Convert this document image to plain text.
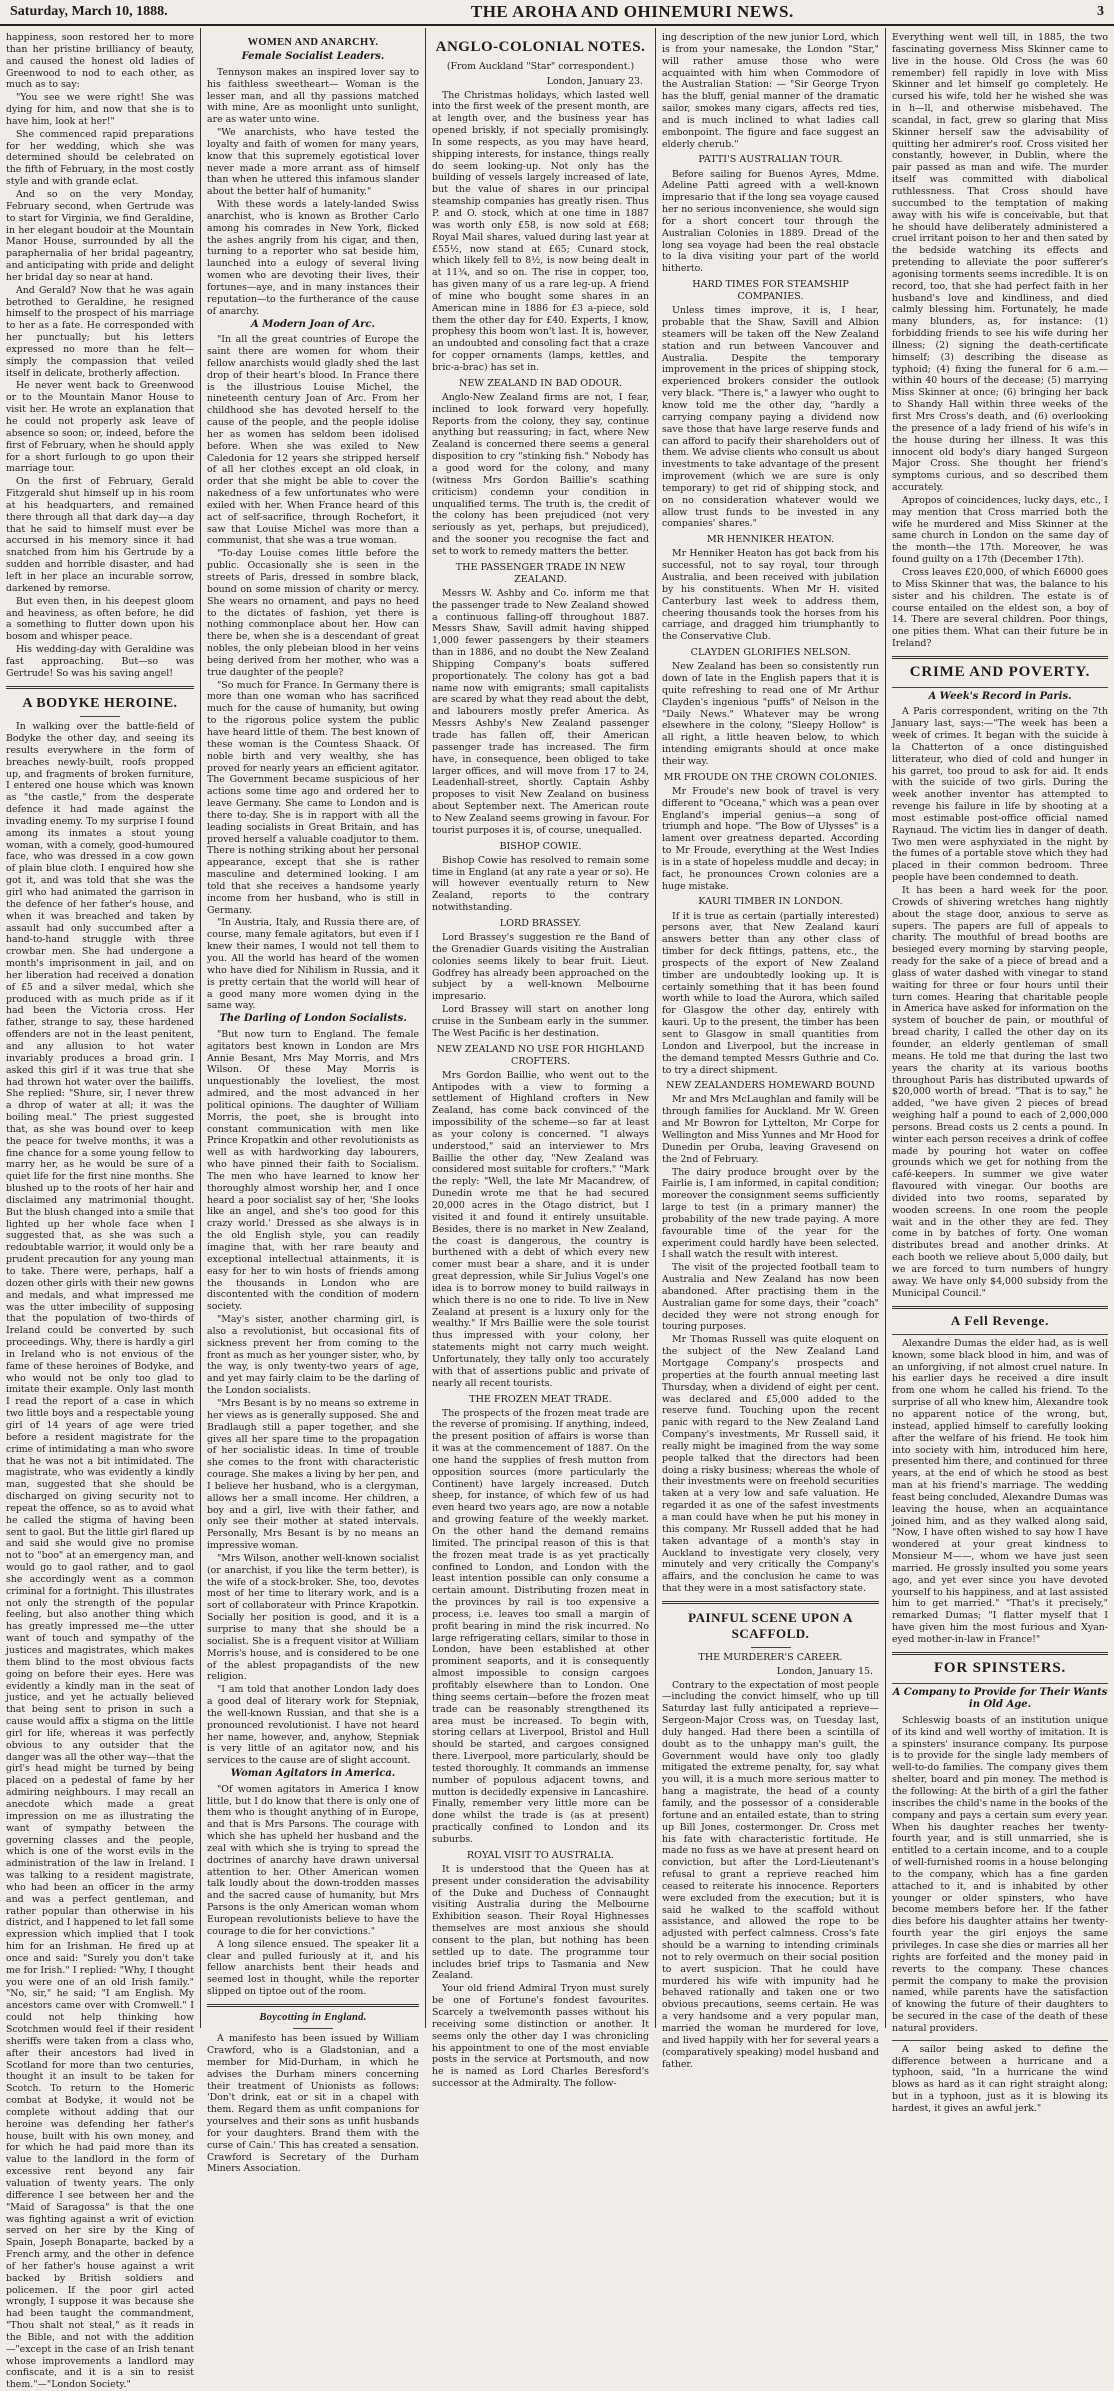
Saturday, March 10, 1888.	THE AROHA AND OHINEMURI NEWS.	3

happiness, soon restored her to more than her pristine brilliancy of beauty, and caused the honest old ladies of Greenwood to nod to each other, as much as to say:

"You see we were right! She was dying for him, and now that she is to have him, look at her!"

She commenced rapid preparations for her wedding, which she was determined should be celebrated on the fifth of February, in the most costly style and with grande eclat.

And so on the very Monday, February second, when Gertrude was to start for Virginia, we find Geraldine, in her elegant boudoir at the Mountain Manor House, surrounded by all the paraphernalia of her bridal pageantry, and anticipating with pride and delight her bridal day so near at hand.

And Gerald? Now that he was again betrothed to Geraldine, he resigned himself to the prospect of his marriage to her as a fate. He corresponded with her punctually; but his letters expressed no more than he felt—simply the compassion that veiled itself in delicate, brotherly affection.

He never went back to Greenwood or to the Mountain Manor House to visit her. He wrote an explanation that he could not properly ask leave of absence so soon; or, indeed, before the first of February, when he should apply for a short furlough to go upon their marriage tour.

On the first of February, Gerald Fitzgerald shut himself up in his room at his headquarters, and remained there through all that dark day—a day that he said to himself must ever be accursed in his memory since it had snatched from him his Gertrude by a sudden and horrible disaster, and had left in her place an incurable sorrow, darkened by remorse.

But even then, in his deepest gloom and heaviness, as often before, he did a something to flutter down upon his bosom and whisper peace.

His wedding-day with Geraldine was fast approaching. But—so was Gertrude! So was his saving angel!

A BODYKE HEROINE.

In walking over the battle-field of Bodyke the other day, and seeing its results everywhere in the form of breaches newly-built, roofs propped up, and fragments of broken furniture, I entered one house which was known as "the castle," from the desperate defence it had made against the invading enemy. To my surprise I found among its inmates a stout young woman, with a comely, good-humoured face, who was dressed in a cow gown of plain blue cloth. I enquired how she got it, and was told that she was the girl who had animated the garrison in the defence of her father's house, and when it was breached and taken by assault had only succumbed after a hand-to-hand struggle with three crowbar men. She had undergone a month's imprisonment in jail, and on her liberation had received a donation of £5 and a silver medal, which she produced with as much pride as if it had been the Victoria cross. Her father, strange to say, these hardened offenders are not in the least penitent, and any allusion to hot water invariably produces a broad grin. I asked this girl if it was true that she had thrown hot water over the bailiffs. She replied: "Shure, sir, I never threw a dhrop of water at all; it was the boiling meal." The priest suggested that, as she was bound over to keep the peace for twelve months, it was a fine chance for a some young fellow to marry her, as he would be sure of a quiet life for the first nine months. She blushed up to the roots of her hair and disclaimed any matrimonial thought. But the blush changed into a smile that lighted up her whole face when I suggested that, as she was such a redoubtable warrior, it would only be a prudent precaution for any young man to take. There were, perhaps, half a dozen other girls with their new gowns and medals, and what impressed me was the utter imbecility of supposing that the population of two-thirds of Ireland could be converted by such proceedings. Why, there is hardly a girl in Ireland who is not envious of the fame of these heroines of Bodyke, and who would not be only too glad to imitate their example. Only last month I read the report of a case in which two little boys and a respectable young girl of 14 years of age were tried before a resident magistrate for the crime of intimidating a man who swore that he was not a bit intimidated. The magistrate, who was evidently a kindly man, suggested that she should be discharged on giving security not to repeat the offence, so as to avoid what he called the stigma of having been sent to gaol. But the little girl flared up and said she would give no promise not to "boo" at an emergency man, and would go to gaol rather, and to gaol she accordingly went as a common criminal for a fortnight. This illustrates not only the strength of the popular feeling, but also another thing which has greatly impressed me—the utter want of touch and sympathy of the justices and magistrates, which makes them blind to the most obvious facts going on before their eyes. Here was evidently a kindly man in the seat of justice, and yet he actually believed that being sent to prison in such a cause would affix a stigma on the little girl for life, whereas it was perfectly obvious to any outsider that the danger was all the other way—that the girl's head might be turned by being placed on a pedestal of fame by her admiring neighbours. I may recall an anecdote which made a great impression on me as illustrating the want of sympathy between the governing classes and the people, which is one of the worst evils in the administration of the law in Ireland. I was talking to a resident magistrate, who had been an officer in the army and was a perfect gentleman, and rather popular than otherwise in his district, and I happened to let fall some expression which implied that I took him for an Irishman. He fired up at once and said: "Surely you don't take me for Irish." I replied: "Why, I thought you were one of an old Irish family." "No, sir," he said; "I am English. My ancestors came over with Cromwell." I could not help thinking how Scotchmen would feel if their resident sheriffs were taken from a class who, after their ancestors had lived in Scotland for more than two centuries, thought it an insult to be taken for Scotch. To return to the Homeric combat at Bodyke, it would not be complete without adding that our heroine was defending her father's house, built with his own money, and for which he had paid more than its value to the landlord in the form of excessive rent beyond any fair valuation of twenty years. The only difference I see between her and the "Maid of Saragossa" is that the one was fighting against a writ of eviction served on her sire by the King of Spain, Joseph Bonaparte, backed by a French army, and the other in defence of her father's house against a writ backed by British soldiers and policemen. If the poor girl acted wrongly, I suppose it was because she had been taught the commandment, "Thou shalt not steal," as it reads in the Bible, and not with the addition—"except in the case of an Irish tenant whose improvements a landlord may confiscate, and it is a sin to resist them."—"London Society."

WOMEN AND ANARCHY.
Female Socialist Leaders.

Tennyson makes an inspired lover say to his faithless sweetheart— Woman is the lesser man, and all thy passions matched with mine, Are as moonlight unto sunlight, are as water unto wine.

"We anarchists, who have tested the loyalty and faith of women for many years, know that this supremely egotistical lover never made a more arrant ass of himself than when he uttered this infamous slander about the better half of humanity."

With these words a lately-landed Swiss anarchist, who is known as Brother Carlo among his comrades in New York, flicked the ashes angrily from his cigar, and then, turning to a reporter who sat beside him, launched into a eulogy of several living women who are devoting their lives, their fortunes—aye, and in many instances their reputation—to the furtherance of the cause of anarchy.

A Modern Joan of Arc.

"In all the great countries of Europe the saint there are women for whom their fellow anarchists would gladly shed the last drop of their heart's blood. In France there is the illustrious Louise Michel, the nineteenth century Joan of Arc. From her childhood she has devoted herself to the cause of the people, and the people idolise her as women has seldom been idolised before. When she was exiled to New Caledonia for 12 years she stripped herself of all her clothes except an old cloak, in order that she might be able to cover the nakedness of a few unfortunates who were exiled with her. When France heard of this act of self-sacrifice, through Rochefort, it saw that Louise Michel was more than a communist, that she was a true woman.

"To-day Louise comes little before the public. Occasionally she is seen in the streets of Paris, dressed in sombre black, bound on some mission of charity or mercy. She wears no ornament, and pays no heed to the dictates of fashion, yet there is nothing commonplace about her. How can there be, when she is a descendant of great nobles, the only plebeian blood in her veins being derived from her mother, who was a true daughter of the people?

"So much for France. In Germany there is more than one woman who has sacrificed much for the cause of humanity, but owing to the rigorous police system the public have heard little of them. The best known of these woman is the Countess Shaack. Of noble birth and very wealthy, she has proved for nearly years an efficient agitator. The Government became suspicious of her actions some time ago and ordered her to leave Germany. She came to London and is there to-day. She is in rapport with all the leading socialists in Great Britain, and has proved herself a valuable coadjutor to them. There is nothing striking about her personal appearance, except that she is rather masculine and determined looking. I am told that she receives a handsome yearly income from her husband, who is still in Germany.

"In Austria, Italy, and Russia there are, of course, many female agitators, but even if I knew their names, I would not tell them to you. All the world has heard of the women who have died for Nihilism in Russia, and it is pretty certain that the world will hear of a good many more women dying in the same way.

The Darling of London Socialists.

"But now turn to England. The female agitators best known in London are Mrs Annie Besant, Mrs May Morris, and Mrs Wilson. Of these May Morris is unquestionably the loveliest, the most admired, and the most advanced in her political opinions. The daughter of William Morris, the poet, she is brought into constant communication with men like Prince Kropatkin and other revolutionists as well as with hardworking day labourers, who have pinned their faith to Socialism. The men who have learned to know her thoroughly almost worship her, and I once heard a poor socialist say of her, 'She looks like an angel, and she's too good for this crazy world.' Dressed as she always is in the old English style, you can readily imagine that, with her rare beauty and exceptional intellectual attainments, it is easy for her to win hosts of friends among the thousands in London who are discontented with the condition of modern society.

"May's sister, another charming girl, is also a revolutionist, but occasional fits of sickness prevent her from coming to the front as much as her younger sister, who, by the way, is only twenty-two years of age, and yet may fairly claim to be the darling of the London socialists.

"Mrs Besant is by no means so extreme in her views as is generally supposed. She and Bradlaugh still a paper together, and she gives all her spare time to the propagation of her socialistic ideas. In time of trouble she comes to the front with characteristic courage. She makes a living by her pen, and I believe her husband, who is a clergyman, allows her a small income. Her children, a boy and a girl, live with their father, and only see their mother at stated intervals. Personally, Mrs Besant is by no means an impressive woman.

"Mrs Wilson, another well-known socialist (or anarchist, if you like the term better), is the wife of a stock-broker. She, too, devotes most of her time to literary work, and is a sort of collaborateur with Prince Krapotkin. Socially her position is good, and it is a surprise to many that she should be a socialist. She is a frequent visitor at William Morris's house, and is considered to be one of the ablest propagandists of the new religion.

"I am told that another London lady does a good deal of literary work for Stepniak, the well-known Russian, and that she is a pronounced revolutionist. I have not heard her name, however, and, anyhow, Stepniak is very little of an agitator now, and his services to the cause are of slight account.

Woman Agitators in America.

"Of women agitators in America I know little, but I do know that there is only one of them who is thought anything of in Europe, and that is Mrs Parsons. The courage with which she has upheld her husband and the zeal with which she is trying to spread the doctrines of anarchy have drawn universal attention to her. Other American women talk loudly about the down-trodden masses and the sacred cause of humanity, but Mrs Parsons is the only American woman whom European revolutionists believe to have the courage to die for her convictions."

A long silence ensued. The speaker lit a clear and pulled furiously at it, and his fellow anarchists bent their heads and seemed lost in thought, while the reporter slipped on tiptoe out of the room.

Boycotting in England.

A manifesto has been issued by William Crawford, who is a Gladstonian, and a member for Mid-Durham, in which he advises the Durham miners concerning their treatment of Unionists as follows: 'Don't drink, eat or sit in a chapel with them. Regard them as unfit companions for yourselves and their sons as unfit husbands for your daughters. Brand them with the curse of Cain.' This has created a sensation. Crawford is Secretary of the Durham Miners Association.

ANGLO-COLONIAL NOTES.
(From Auckland "Star" correspondent.)
London, January 23.

The Christmas holidays, which lasted well into the first week of the present month, are at length over, and the business year has opened briskly, if not specially promisingly. In some respects, as you may have heard, shipping interests, for instance, things really do seem looking-up. Not only has the building of vessels largely increased of late, but the value of shares in our principal steamship companies has greatly risen. Thus P. and O. stock, which at one time in 1887 was worth only £58, is now sold at £68; Royal Mail shares, valued during last year at £55½, now stand at £65; Cunard stock, which likely fell to 8½, is now being dealt in at 11¾, and so on. The rise in copper, too, has given many of us a rare leg-up. A friend of mine who bought some shares in an American mine in 1886 for £3 a-piece, sold them the other day for £40. Experts, I know, prophesy this boom won't last. It is, however, an undoubted and consoling fact that a craze for copper ornaments (lamps, kettles, and bric-a-brac) has set in.

NEW ZEALAND IN BAD ODOUR.

Anglo-New Zealand firms are not, I fear, inclined to look forward very hopefully. Reports from the colony, they say, continue anything but reassuring; in fact, where New Zealand is concerned there seems a general disposition to cry "stinking fish." Nobody has a good word for the colony, and many (witness Mrs Gordon Baillie's scathing criticism) condemn your condition in unqualified terms. The truth is, the credit of the colony has been prejudiced (not very seriously as yet, perhaps, but prejudiced), and the sooner you recognise the fact and set to work to remedy matters the better.

THE PASSENGER TRADE IN NEW ZEALAND.

Messrs W. Ashby and Co. inform me that the passenger trade to New Zealand showed a continuous falling-off throughout 1887. Messrs Shaw, Savill admit having shipped 1,000 fewer passengers by their steamers than in 1886, and no doubt the New Zealand Shipping Company's boats suffered proportionately. The colony has got a bad name now with emigrants; small capitalists are scared by what they read about the debt, and labourers mostly prefer America. As Messrs Ashby's New Zealand passenger trade has fallen off, their American passenger trade has increased. The firm have, in consequence, been obliged to take larger offices, and will move from 17 to 24, Leadenhall-street, shortly. Captain Ashby proposes to visit New Zealand on business about September next. The American route to New Zealand seems growing in favour. For tourist purposes it is, of course, unequalled.

BISHOP COWIE.

Bishop Cowie has resolved to remain some time in England (at any rate a year or so). He will however eventually return to New Zealand, reports to the contrary notwithstanding.

LORD BRASSEY.

Lord Brassey's suggestion re the Band of the Grenadier Guards visiting the Australian colonies seems likely to bear fruit. Lieut. Godfrey has already been approached on the subject by a well-known Melbourne impresario.

Lord Brassey will start on another long cruise in the Sunbeam early in the summer. The West Pacific is her destination.

NEW ZEALAND NO USE FOR HIGHLAND CROFTERS.

Mrs Gordon Baillie, who went out to the Antipodes with a view to forming a settlement of Highland crofters in New Zealand, has come back convinced of the impossibility of the scheme—so far at least as your colony is concerned. "I always understood," said an interviewer to Mrs Baillie the other day, "New Zealand was considered most suitable for crofters." "Mark the reply: "Well, the late Mr Macandrew, of Dunedin wrote me that he had secured 20,000 acres in the Otago district, but I visited it and found it entirely unsuitable. Besides, there is no market in New Zealand, the coast is dangerous, the country is burthened with a debt of which every new comer must bear a share, and it is under great depression, while Sir Julius Vogel's one idea is to borrow money to build railways in which there is no one to ride. To live in New Zealand at present is a luxury only for the wealthy." If Mrs Baillie were the sole tourist thus impressed with your colony, her statements might not carry much weight. Unfortunately, they tally only too accurately with that of assertions public and private of nearly all recent tourists.

THE FROZEN MEAT TRADE.

The prospects of the frozen meat trade are the reverse of promising. If anything, indeed, the present position of affairs is worse than it was at the commencement of 1887. On the one hand the supplies of fresh mutton from opposition sources (more particularly the Continent) have largely increased. Dutch sheep, for instance, of which few of us had even heard two years ago, are now a notable and growing feature of the weekly market. On the other hand the demand remains limited. The principal reason of this is that the frozen meat trade is as yet practically confined to London, and London with the least intention possible can only consume a certain amount. Distributing frozen meat in the provinces by rail is too expensive a process, i.e. leaves too small a margin of profit bearing in mind the risk incurred. No large refrigerating cellars, similar to those in London, have been established at other prominent seaports, and it is consequently almost impossible to consign cargoes profitably elsewhere than to London. One thing seems certain—before the frozen meat trade can be reasonably strengthened its area must be increased. To begin with, storing cellars at Liverpool, Bristol and Hull should be started, and cargoes consigned there. Liverpool, more particularly, should be tested thoroughly. It commands an immense number of populous adjacent towns, and mutton is decidedly expensive in Lancashire. Finally, remember very little more can be done whilst the trade is (as at present) practically confined to London and its suburbs.

ROYAL VISIT TO AUSTRALIA.

It is understood that the Queen has at present under consideration the advisability of the Duke and Duchess of Connaught visiting Australia during the Melbourne Exhibition season. Their Royal Highnesses themselves are most anxious she should consent to the plan, but nothing has been settled up to date. The programme tour includes brief trips to Tasmania and New Zealand.

Your old friend Admiral Tryon must surely be one of Fortune's fondest favourites. Scarcely a twelvemonth passes without his receiving some distinction or another. It seems only the other day I was chronicling his appointment to one of the most enviable posts in the service at Portsmouth, and now he is named as Lord Charles Beresford's successor at the Admiralty. The follow-

ing description of the new junior Lord, which is from your namesake, the London "Star," will rather amuse those who were acquainted with him when Commodore of the Australian Station: — "Sir George Tryon has the bluff, genial manner of the dramatic sailor, smokes many cigars, affects red ties, and is much inclined to what ladies call embonpoint. The figure and face suggest an elderly cherub."

PATTI'S AUSTRALIAN TOUR.

Before sailing for Buenos Ayres, Mdme. Adeline Patti agreed with a well-known impresario that if the long sea voyage caused her no serious inconvenience, she would sign for a short concert tour through the Australian Colonies in 1889. Dread of the long sea voyage had been the real obstacle to la diva visiting your part of the world hitherto.

HARD TIMES FOR STEAMSHIP COMPANIES.

Unless times improve, it is, I hear, probable that the Shaw, Savill and Albion steamers will be taken off the New Zealand station and run between Vancouver and Australia. Despite the temporary improvement in the prices of shipping stock, experienced brokers consider the outlook very black. "There is," a lawyer who ought to know told me the other day, "hardly a carrying company paying a dividend now save those that have large reserve funds and can afford to pacify their shareholders out of them. We advise clients who consult us about investments to take advantage of the present improvement (which we are sure is only temporary) to get rid of shipping stock, and on no consideration whatever would we allow trust funds to be invested in any companies' shares."

MR HENNIKER HEATON.

Mr Henniker Heaton has got back from his successful, not to say royal, tour through Australia, and been received with jubilation by his constituents. When Mr H. visited Canterbury last week to address them, cheering thousands took the horses from his carriage, and dragged him triumphantly to the Conservative Club.

CLAYDEN GLORIFIES NELSON.

New Zealand has been so consistently run down of late in the English papers that it is quite refreshing to read one of Mr Arthur Clayden's ingenious "puffs" of Nelson in the "Daily News." Whatever may be wrong elsewhere in the colony, "Sleepy Hollow" is all right, a little heaven below, to which intending emigrants should at once make their way.

MR FROUDE ON THE CROWN COLONIES.

Mr Froude's new book of travel is very different to "Oceana," which was a pean over England's imperial genius—a song of triumph and hope. "The Bow of Ulysses" is a lament over greatness departed. According to Mr Froude, everything at the West Indies is in a state of hopeless muddle and decay; in fact, he pronounces Crown colonies are a huge mistake.

KAURI TIMBER IN LONDON.

If it is true as certain (partially interested) persons aver, that New Zealand kauri answers better than any other class of timber for deck fittings, pattens, etc., the prospects of the export of New Zealand timber are undoubtedly looking up. It is certainly something that it has been found worth while to load the Aurora, which sailed for Glasgow the other day, entirely with kauri. Up to the present, the timber has been sent to Glasgow in small quantities from London and Liverpool, but the increase in the demand tempted Messrs Guthrie and Co. to try a direct shipment.

NEW ZEALANDERS HOMEWARD BOUND

Mr and Mrs McLaughlan and family will be through families for Auckland. Mr W. Green and Mr Bowron for Lyttelton, Mr Corpe for Wellington and Miss Yunnes and Mr Hood for Dunedin per Oruba, leaving Gravesend on the 2nd of February.

The dairy produce brought over by the Fairlie is, I am informed, in capital condition; moreover the consignment seems sufficiently large to test (in a primary manner) the probability of the new trade paying. A more favourable time of the year for the experiment could hardly have been selected. I shall watch the result with interest.

The visit of the projected football team to Australia and New Zealand has now been abandoned. After practising them in the Australian game for some days, their "coach" decided they were not strong enough for touring purposes.

Mr Thomas Russell was quite eloquent on the subject of the New Zealand Land Mortgage Company's prospects and properties at the fourth annual meeting last Thursday, when a dividend of eight per cent. was declared and £5,000 added to the reserve fund. Touching upon the recent panic with regard to the New Zealand Land Company's investments, Mr Russell said, it really might be imagined from the way some people talked that the directors had been doing a risky business; whereas the whole of their investments were on freehold securities taken at a very low and safe valuation. He regarded it as one of the safest investments a man could have when he put his money in this company. Mr Russell added that he had taken advantage of a month's stay in Auckland to investigate very closely, very minutely and very critically the Company's affairs, and the conclusion he came to was that they were in a most satisfactory state.

PAINFUL SCENE UPON A SCAFFOLD.
THE MURDERER'S CAREER.
London, January 15.

Contrary to the expectation of most people—including the convict himself, who up till Saturday last fully anticipated a reprieve—Sergeon-Major Cross was, on Tuesday last, duly hanged. Had there been a scintilla of doubt as to the unhappy man's guilt, the Government would have only too gladly mitigated the extreme penalty, for, say what you will, it is a much more serious matter to hang a magistrate, the head of a county family, and the possessor of a considerable fortune and an entailed estate, than to string up Bill Jones, costermonger. Dr. Cross met his fate with characteristic fortitude. He made no fuss as we have at present heard on conviction, but after the Lord-Lieutenant's refusal to grant a reprieve reached him ceased to reiterate his innocence. Reporters were excluded from the execution; but it is said he walked to the scaffold without assistance, and allowed the rope to be adjusted with perfect calmness. Cross's fate should be a warning to intending criminals not to rely overmuch on their social position to avert suspicion. That he could have murdered his wife with impunity had he behaved rationally and taken one or two obvious precautions, seems certain. He was a very handsome and a very popular man, married the woman he murdered for love, and lived happily with her for several years a (comparatively speaking) model husband and father.

Everything went well till, in 1885, the two fascinating governess Miss Skinner came to live in the house. Old Cross (he was 60 remember) fell rapidly in love with Miss Skinner and let himself go completely. He cursed his wife, told her he wished she was in h—ll, and otherwise misbehaved. The scandal, in fact, grew so glaring that Miss Skinner herself saw the advisability of quitting her admirer's roof. Cross visited her constantly, however, in Dublin, where the pair passed as man and wife. The murder itself was committed with diabolical ruthlessness. That Cross should have succumbed to the temptation of making away with his wife is conceivable, but that he should have deliberately administered a cruel irritant poison to her and then sated by the bedside watching its effects and pretending to alleviate the poor sufferer's agonising torments seems incredible. It is on record, too, that she had perfect faith in her husband's love and kindliness, and died calmly blessing him. Fortunately, he made many blunders, as, for instance: (1) forbidding friends to see his wife during her illness; (2) signing the death-certificate himself; (3) describing the disease as typhoid; (4) fixing the funeral for 6 a.m.—within 40 hours of the decease; (5) marrying Miss Skinner at once; (6) bringing her back to Shandy Hall within three weeks of the first Mrs Cross's death, and (6) overlooking the presence of a lady friend of his wife's in the house during her illness. It was this innocent old body's diary hanged Surgeon Major Cross. She thought her friend's symptoms curious, and so described them accurately.

Apropos of coincidences, lucky days, etc., I may mention that Cross married both the wife he murdered and Miss Skinner at the same church in London on the same day of the month—the 17th. Moreover, he was found guilty on a 17th (December 17th).

Cross leaves £20,000, of which £6000 goes to Miss Skinner that was, the balance to his sister and his children. The estate is of course entailed on the eldest son, a boy of 14. There are several children. Poor things, one pities them. What can their future be in Ireland?

CRIME AND POVERTY.
A Week's Record in Paris.

A Paris correspondent, writing on the 7th January last, says:—"The week has been a week of crimes. It began with the suicide à la Chatterton of a once distinguished litterateur, who died of cold and hunger in his garret, too proud to ask for aid. It ends with the suicide of two girls. During the week another inventor has attempted to revenge his failure in life by shooting at a most estimable post-office official named Raynaud. The victim lies in danger of death. Two men were asphyxiated in the night by the fumes of a portable stove which they had placed in their common bedroom. Three people have been condemned to death.

It has been a hard week for the poor. Crowds of shivering wretches hang nightly about the stage door, anxious to serve as supers. The papers are full of appeals to charity. The mouthful of bread booths are besieged every morning by starving people, ready for the sake of a piece of bread and a glass of water dashed with vinegar to stand waiting for three or four hours until their turn comes. Hearing that charitable people in America have asked for information on the system of boucher de pain, or mouthful of bread charity, I called the other day on its founder, an elderly gentleman of small means. He told me that during the last two years the charity at its various booths throughout Paris has distributed upwards of $20,000 worth of bread. "That is to say," he added, "we have given 2 pieces of bread weighing half a pound to each of 2,000,000 persons. Bread costs us 2 cents a pound. In winter each person receives a drink of coffee made by pouring hot water on coffee grounds which we get for nothing from the café-keepers. In summer we give water flavoured with vinegar. Our booths are divided into two rooms, separated by wooden screens. In one room the people wait and in the other they are fed. They come in by batches of forty. One woman distributes bread and another drinks. At each booth we relieve about 5,000 daily, but we are forced to turn numbers of hungry away. We have only $4,000 subsidy from the Municipal Council."

A Fell Revenge.

Alexandre Dumas the elder had, as is well known, some black blood in him, and was of an unforgiving, if not almost cruel nature. In his earlier days he received a dire insult from one whom he called his friend. To the surprise of all who knew him, Alexandre took no apparent notice of the wrong, but, instead, applied himself to carefully looking after the welfare of his friend. He took him into society with him, introduced him here, presented him there, and continued for three years, at the end of which he stood as best man at his friend's marriage. The wedding feast being concluded, Alexandre Dumas was leaving the house, when an acquaintance joined him, and as they walked along said, "Now, I have often wished to say how I have wondered at your great kindness to Monsieur M——, whom we have just seen married. He grossly insulted you some years ago, and yet ever since you have devoted yourself to his happiness, and at last assisted him to get married." "That's it precisely," remarked Dumas; "I flatter myself that I have given him the most furious and Xyan-eyed mother-in-law in France!"

FOR SPINSTERS.
A Company to Provide for Their Wants in Old Age.

Schleswig boasts of an institution unique of its kind and well worthy of imitation. It is a spinsters' insurance company. Its purpose is to provide for the single lady members of well-to-do families. The company gives them shelter, board and pin money. The method is the following: At the birth of a girl the father inscribes the child's name in the books of the company and pays a certain sum every year. When his daughter reaches her twenty-fourth year, and is still unmarried, she is entitled to a certain income, and to a couple of well-furnished rooms in a house belonging to the company, which has a fine garden attached to it, and is inhabited by other younger or older spinsters, who have become members before her. If the father dies before his daughter attains her twenty-fourth year the girl enjoys the same privileges. In case she dies or marries all her rights are forfeited and the money paid in reverts to the company. These chances permit the company to make the provision named, while parents have the satisfaction of knowing the future of their daughters to be secured in the case of the death of these natural providers.

A sailor being asked to define the difference between a hurricane and a typhoon, said, "In a hurricane the wind blows as hard as it can right straight along; but in a typhoon, just as it is blowing its hardest, it gives an awful jerk."
